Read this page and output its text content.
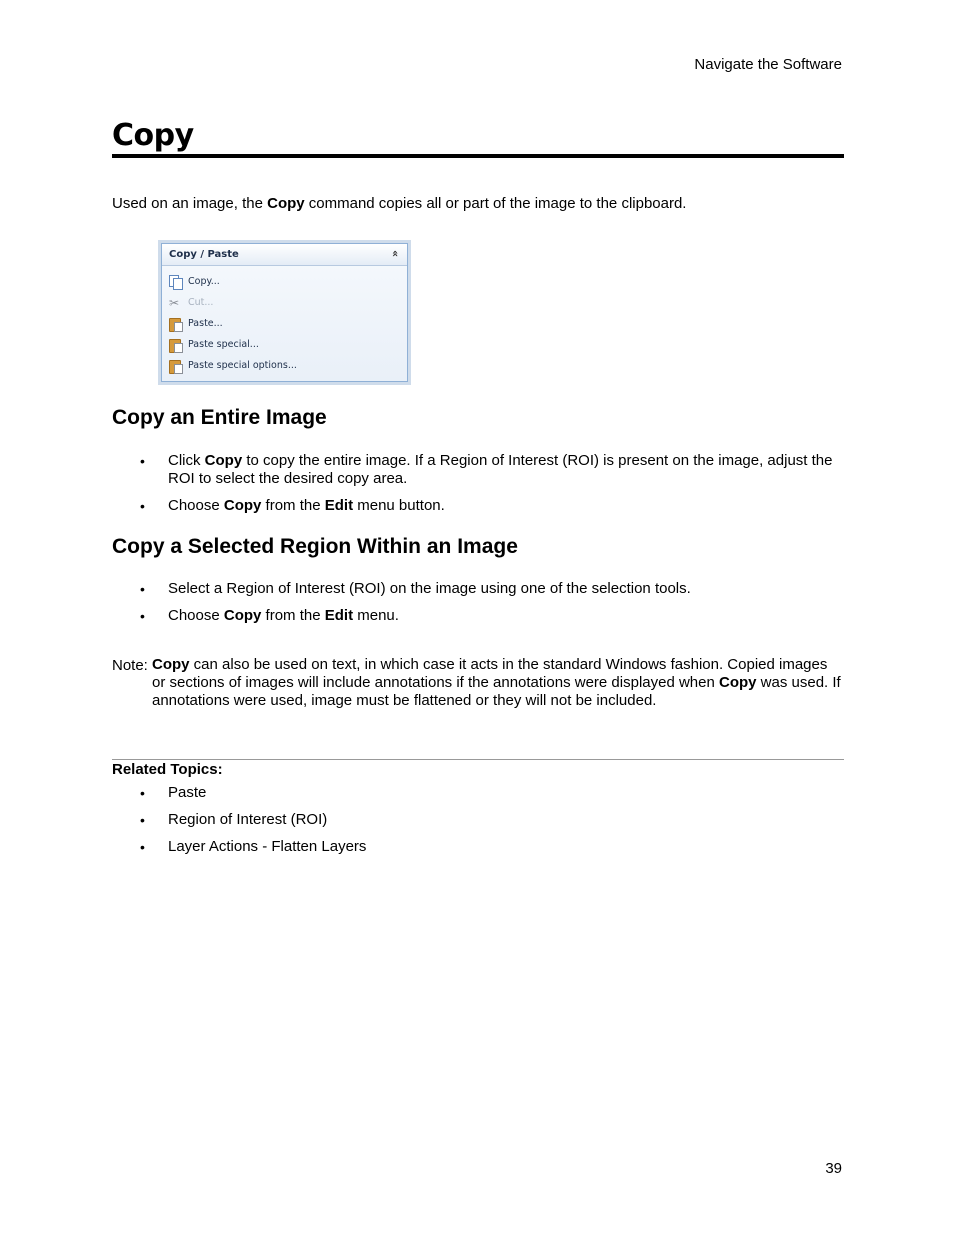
Navigate the Software
Copy

Used on an image, the Copy command copies all or part of the image to the clipboard.

Copy / Paste	«
Copy...
✂ Cut...
Paste...
Paste special...
Paste special options...
Copy an Entire Image
• Click Copy to copy the entire image. If a Region of Interest (ROI) is present on the image, adjust the ROI to select the desired copy area.
• Choose Copy from the Edit menu button.
Copy a Selected Region Within an Image
• Select a Region of Interest (ROI) on the image using one of the selection tools.
• Choose Copy from the Edit menu.
Note: Copy can also be used on text, in which case it acts in the standard Windows fashion. Copied images or sections of images will include annotations if the annotations were displayed when Copy was used. If annotations were used, image must be flattened or they will not be included.
Related Topics:
• Paste
• Region of Interest (ROI)
• Layer Actions - Flatten Layers
39
